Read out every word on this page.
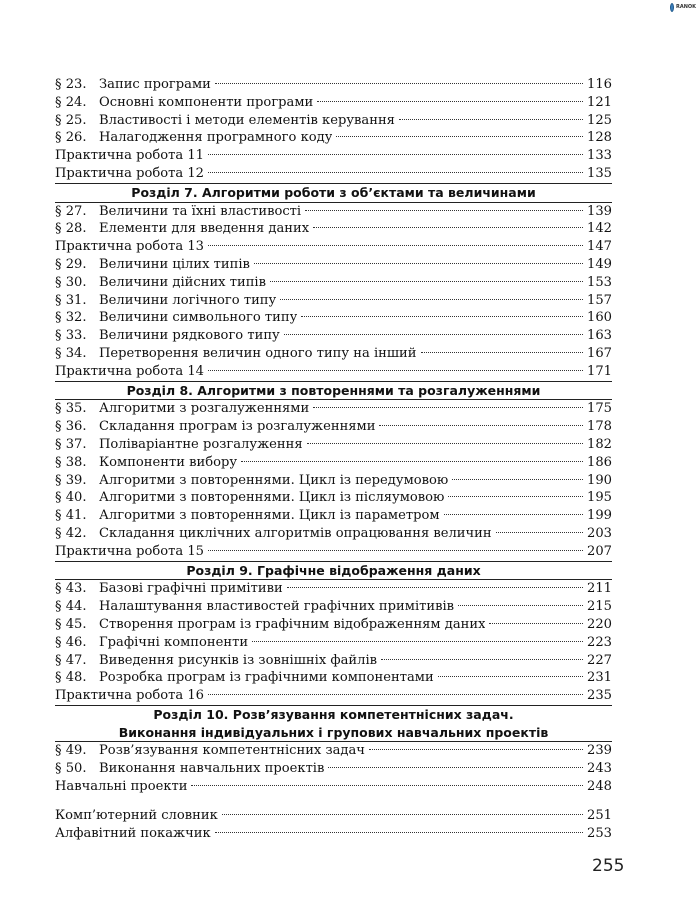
RANOK
§ 23. Запис програми	116
§ 24. Основні компоненти програми	121
§ 25. Властивості і методи елементів керування	125
§ 26. Налагодження програмного коду	128
Практична робота 11	133
Практична робота 12	135
Розділ 7. Алгоритми роботи з об’єктами та величинами
§ 27. Величини та їхні властивості	139
§ 28. Елементи для введення даних	142
Практична робота 13	147
§ 29. Величини цілих типів	149
§ 30. Величини дійсних типів	153
§ 31. Величини логічного типу	157
§ 32. Величини символьного типу	160
§ 33. Величини рядкового типу	163
§ 34. Перетворення величин одного типу на інший	167
Практична робота 14	171
Розділ 8. Алгоритми з повтореннями та розгалуженнями
§ 35. Алгоритми з розгалуженнями	175
§ 36. Складання програм із розгалуженнями	178
§ 37. Поліваріантне розгалуження	182
§ 38. Компоненти вибору	186
§ 39. Алгоритми з повтореннями. Цикл із передумовою	190
§ 40. Алгоритми з повтореннями. Цикл із післяумовою	195
§ 41. Алгоритми з повтореннями. Цикл із параметром	199
§ 42. Складання циклічних алгоритмів опрацювання величин	203
Практична робота 15	207
Розділ 9. Графічне відображення даних
§ 43. Базові графічні примітиви	211
§ 44. Налаштування властивостей графічних примітивів	215
§ 45. Створення програм із графічним відображенням даних	220
§ 46. Графічні компоненти	223
§ 47. Виведення рисунків із зовнішніх файлів	227
§ 48. Розробка програм із графічними компонентами	231
Практична робота 16	235
Розділ 10. Розв’язування компетентнісних задач.
Виконання індивідуальних і групових навчальних проектів
§ 49. Розв’язування компетентнісних задач	239
§ 50. Виконання навчальних проектів	243
Навчальні проекти	248
Комп’ютерний словник	251
Алфавітний покажчик	253
255
